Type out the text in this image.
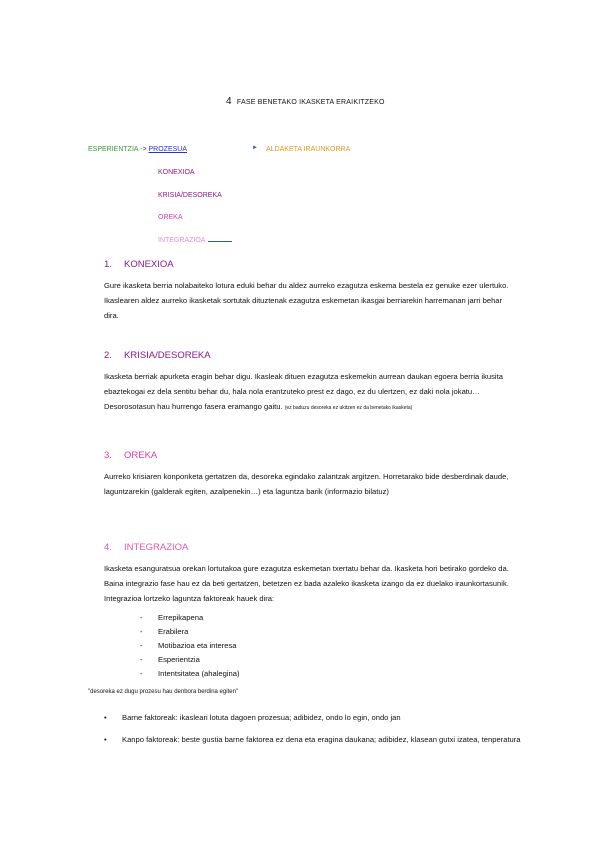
4 FASE BENETAKO IKASKETA ERAIKITZEKO
ESPERIENTZIA -> PROZESUA	► ALDAKETA IRAUNKORRA
KONEXIOA
KRISIA/DESOREKA
OREKA
INTEGRAZIOA
1. KONEXIOA
Gure ikasketa berria nolabaiteko lotura eduki behar du aldez aurreko ezagutza eskema bestela ez genuke ezer ulertuko. Ikaslearen aldez aurreko ikasketak sortutak dituztenak ezagutza eskemetan ikasgai berriarekin harremanan jarri behar dira.
2. KRISIA/DESOREKA
Ikasketa berriak apurketa eragin behar digu. Ikasleak dituen ezagutza eskemekin aurrean daukan egoera berria ikusita ebaztekogai ez dela sentitu behar du, hala nola erantzuteko prest ez dago, ez du ulertzen, ez daki nola jokatu… Desorosotasun hau hurrengo fasera eramango gaitu. (ez baduzu desoreka ez ukitzen ez da benetako ikasketa)
3. OREKA
Aurreko krisiaren konponketa gertatzen da, desoreka egindako zalantzak argitzen. Horretarako bide desberdinak daude, laguntzarekin (galderak egiten, azalpenekin…) eta laguntza barik (informazio bilatuz)
4. INTEGRAZIOA
Ikasketa esanguratsua orekan lortutakoa gure ezagutza eskemetan txertatu behar da. Ikasketa hori betirako gordeko da. Baina integrazio fase hau ez da beti gertatzen, betetzen ez bada azaleko ikasketa izango da ez duelako iraunkortasunik. Integrazioa lortzeko laguntza faktoreak hauek dira:
- Errepikapena
- Erabilera
- Motibazioa eta interesa
- Esperientzia
- Intentsitatea (ahalegina)
"desoreka ez dugu prozesu hau denbora berdina egiten"
• Barne faktoreak: ikasleari lotuta dagoen prozesua; adibidez, ondo lo egin, ondo jan
• Kanpo faktoreak: beste gustia barne faktorea ez dena eta eragina daukana; adibidez, klasean gutxi izatea, tenperatura
